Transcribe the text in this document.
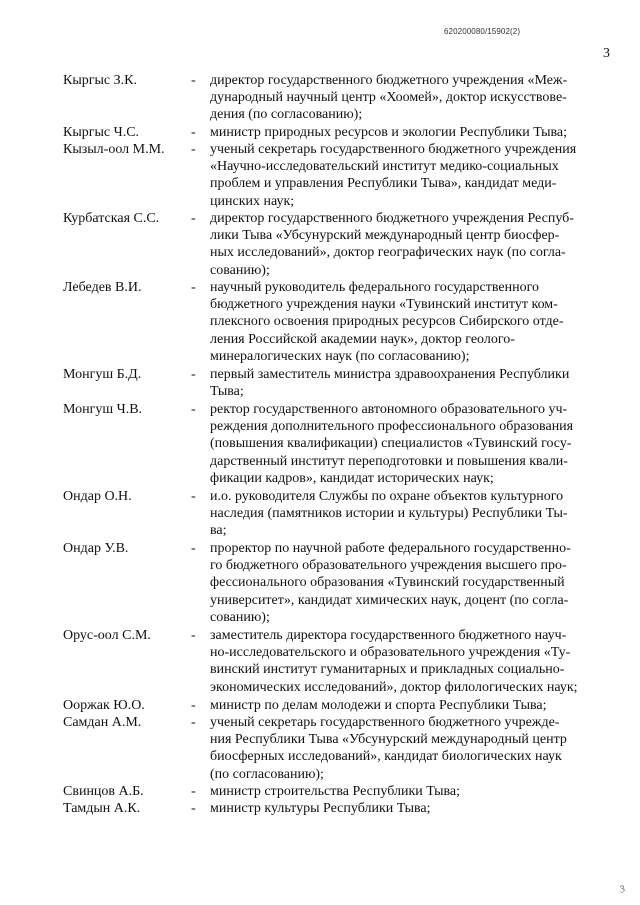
620200080/15902(2)
3
Кыргыс З.К.	- директор государственного бюджетного учреждения «Меж-
дународный научный центр «Хоомей», доктор искусствове-
дения (по согласованию);
Кыргыс Ч.С.	- министр природных ресурсов и экологии Республики Тыва;
Кызыл-оол М.М. - ученый секретарь государственного бюджетного учреждения
«Научно-исследовательский институт медико-социальных
проблем и управления Республики Тыва», кандидат меди-
цинских наук;
Курбатская С.С. - директор государственного бюджетного учреждения Респуб-
лики Тыва «Убсунурский международный центр биосфер-
ных исследований», доктор географических наук (по согла-
сованию);
Лебедев В.И.	- научный руководитель федерального государственного
бюджетного учреждения науки «Тувинский институт ком-
плексного освоения природных ресурсов Сибирского отде-
ления Российской академии наук», доктор геолого-
минералогических наук (по согласованию);
Монгуш Б.Д.	- первый заместитель министра здравоохранения Республики
Тыва;
Монгуш Ч.В.	- ректор государственного автономного образовательного уч-
реждения дополнительного профессионального образования
(повышения квалификации) специалистов «Тувинский госу-
дарственный институт переподготовки и повышения квали-
фикации кадров», кандидат исторических наук;
Ондар О.Н.	- и.о. руководителя Службы по охране объектов культурного
наследия (памятников истории и культуры) Республики Ты-
ва;
Ондар У.В.	- проректор по научной работе федерального государственно-
го бюджетного образовательного учреждения высшего про-
фессионального образования «Тувинский государственный
университет», кандидат химических наук, доцент (по согла-
сованию);
Орус-оол С.М.	- заместитель директора государственного бюджетного науч-
но-исследовательского и образовательного учреждения «Ту-
винский институт гуманитарных и прикладных социально-
экономических исследований», доктор филологических наук;
Ооржак Ю.О.	- министр по делам молодежи и спорта Республики Тыва;
Самдан А.М.	- ученый секретарь государственного бюджетного учрежде-
ния Республики Тыва «Убсунурский международный центр
биосферных исследований», кандидат биологических наук
(по согласованию);
Свинцов А.Б.	- министр строительства Республики Тыва;
Тамдын А.К.	- министр культуры Республики Тыва;
3
